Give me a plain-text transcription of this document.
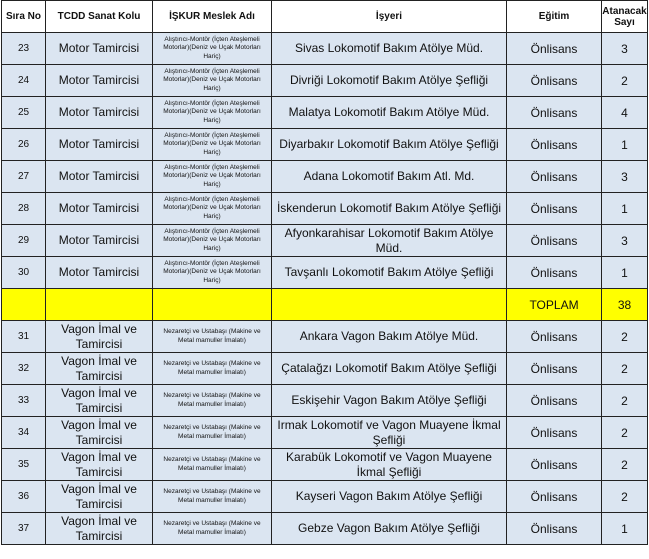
Sıra No	TCDD Sanat Kolu	İŞKUR Meslek Adı	İşyeri	Eğitim	Atanacak Sayı
23	Motor Tamircisi	Alıştırıcı-Montör (İçten Ateşlemeli Motorlar)(Deniz ve Uçak Motorları Hariç)	Sivas Lokomotif Bakım Atölye Müd.	Önlisans	3
24	Motor Tamircisi	Alıştırıcı-Montör (İçten Ateşlemeli Motorlar)(Deniz ve Uçak Motorları Hariç)	Divriği Lokomotif Bakım Atölye Şefliği	Önlisans	2
25	Motor Tamircisi	Alıştırıcı-Montör (İçten Ateşlemeli Motorlar)(Deniz ve Uçak Motorları Hariç)	Malatya Lokomotif Bakım Atölye Müd.	Önlisans	4
26	Motor Tamircisi	Alıştırıcı-Montör (İçten Ateşlemeli Motorlar)(Deniz ve Uçak Motorları Hariç)	Diyarbakır Lokomotif Bakım Atölye Şefliği	Önlisans	1
27	Motor Tamircisi	Alıştırıcı-Montör (İçten Ateşlemeli Motorlar)(Deniz ve Uçak Motorları Hariç)	Adana Lokomotif Bakım Atl. Md.	Önlisans	3
28	Motor Tamircisi	Alıştırıcı-Montör (İçten Ateşlemeli Motorlar)(Deniz ve Uçak Motorları Hariç)	İskenderun Lokomotif Bakım Atölye Şefliği	Önlisans	1
29	Motor Tamircisi	Alıştırıcı-Montör (İçten Ateşlemeli Motorlar)(Deniz ve Uçak Motorları Hariç)	Afyonkarahisar Lokomotif Bakım Atölye Müd.	Önlisans	3
30	Motor Tamircisi	Alıştırıcı-Montör (İçten Ateşlemeli Motorlar)(Deniz ve Uçak Motorları Hariç)	Tavşanlı Lokomotif Bakım Atölye Şefliği	Önlisans	1
				TOPLAM	38
31	Vagon İmal ve Tamircisi	Nezaretçi ve Ustabaşı (Makine ve Metal mamuller İmalatı)	Ankara Vagon Bakım Atölye Müd.	Önlisans	2
32	Vagon İmal ve Tamircisi	Nezaretçi ve Ustabaşı (Makine ve Metal mamuller İmalatı)	Çatalağzı Lokomotif Bakım Atölye Şefliği	Önlisans	2
33	Vagon İmal ve Tamircisi	Nezaretçi ve Ustabaşı (Makine ve Metal mamuller İmalatı)	Eskişehir Vagon Bakım Atölye Şefliği	Önlisans	2
34	Vagon İmal ve Tamircisi	Nezaretçi ve Ustabaşı (Makine ve Metal mamuller İmalatı)	Irmak Lokomotif ve Vagon Muayene İkmal Şefliği	Önlisans	2
35	Vagon İmal ve Tamircisi	Nezaretçi ve Ustabaşı (Makine ve Metal mamuller İmalatı)	Karabük Lokomotif ve Vagon Muayene İkmal Şefliği	Önlisans	2
36	Vagon İmal ve Tamircisi	Nezaretçi ve Ustabaşı (Makine ve Metal mamuller İmalatı)	Kayseri Vagon Bakım Atölye Şefliği	Önlisans	2
37	Vagon İmal ve Tamircisi	Nezaretçi ve Ustabaşı (Makine ve Metal mamuller İmalatı)	Gebze Vagon Bakım Atölye Şefliği	Önlisans	1
